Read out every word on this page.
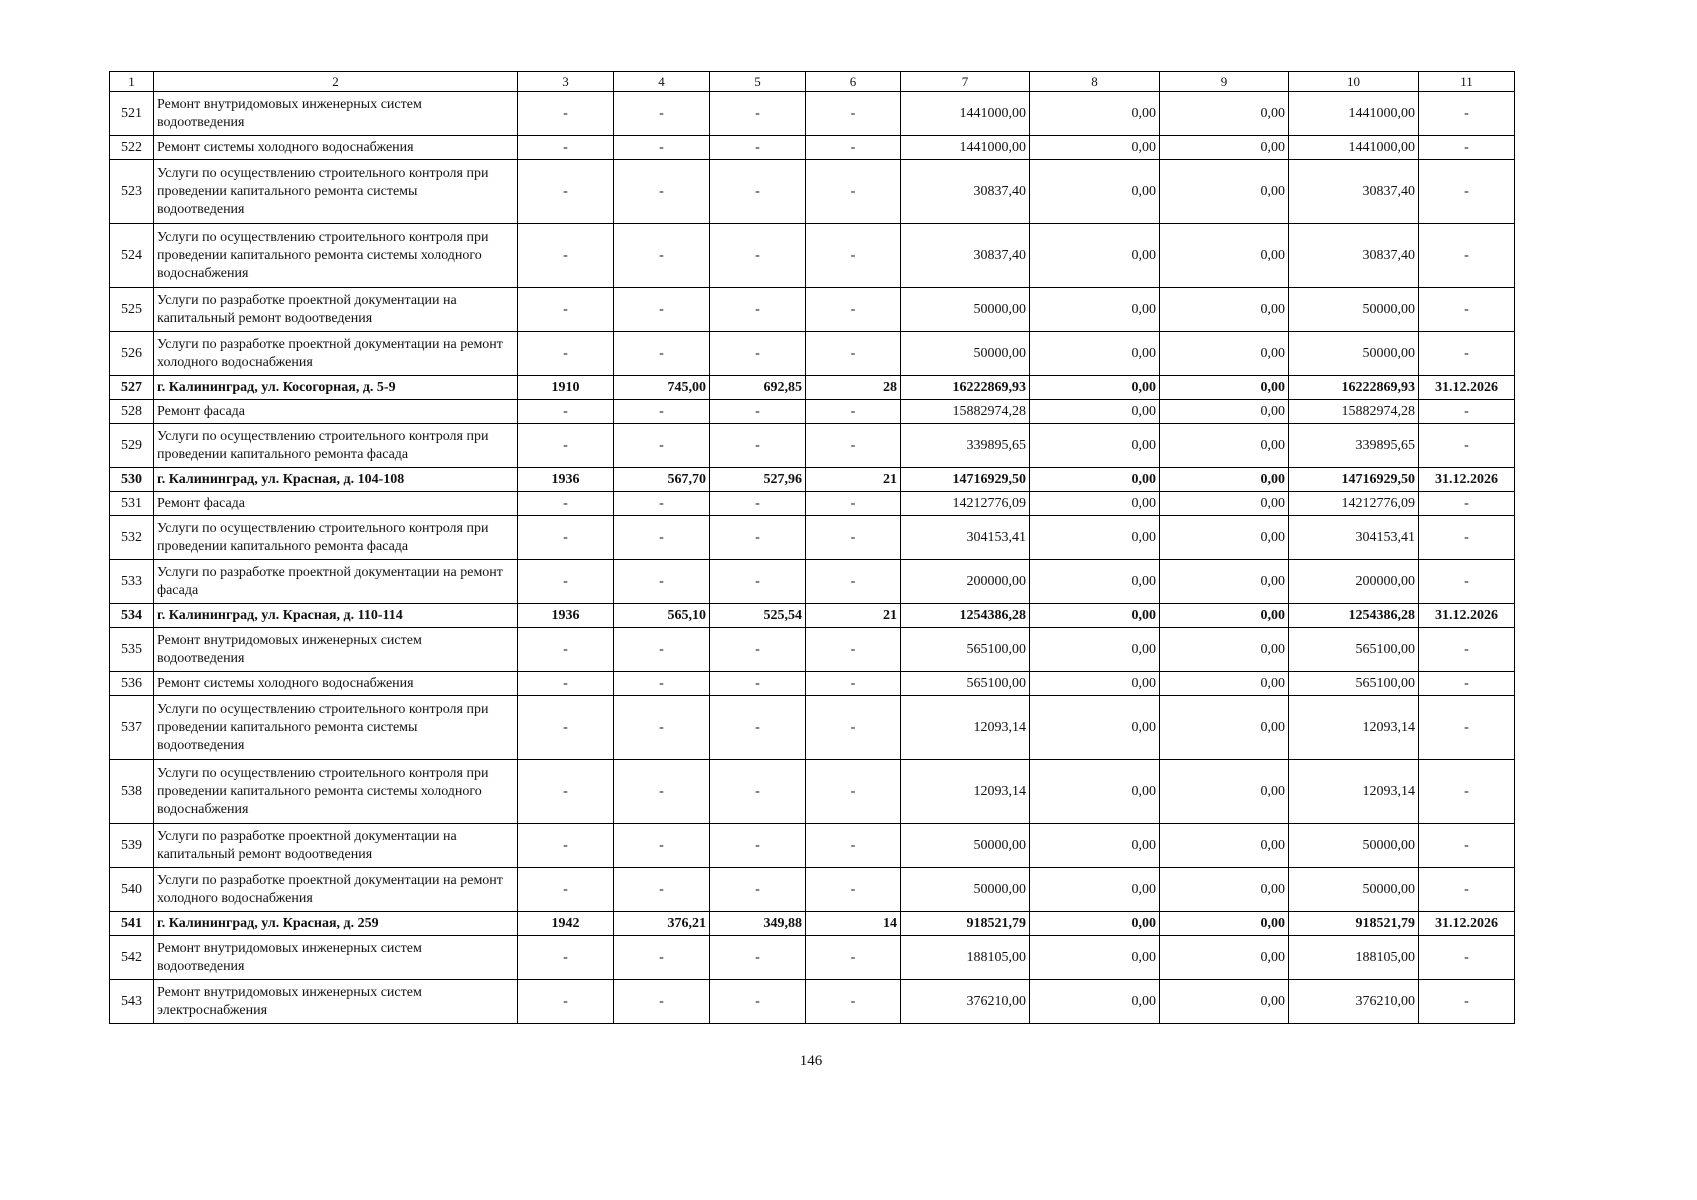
1	2	3	4	5	6	7	8	9	10	11
521	Ремонт внутридомовых инженерных систем
водоотведения	-	-	-	-	1441000,00	0,00	0,00	1441000,00	-
522	Ремонт системы холодного водоснабжения	-	-	-	-	1441000,00	0,00	0,00	1441000,00	-
523	Услуги по осуществлению строительного контроля при
проведении капитального ремонта системы
водоотведения	-	-	-	-	30837,40	0,00	0,00	30837,40	-
524	Услуги по осуществлению строительного контроля при
проведении капитального ремонта системы холодного
водоснабжения	-	-	-	-	30837,40	0,00	0,00	30837,40	-
525	Услуги по разработке проектной документации на
капитальный ремонт водоотведения	-	-	-	-	50000,00	0,00	0,00	50000,00	-
526	Услуги по разработке проектной документации на ремонт
холодного водоснабжения	-	-	-	-	50000,00	0,00	0,00	50000,00	-
527	г. Калининград, ул. Косогорная, д. 5-9	1910	745,00	692,85	28	16222869,93	0,00	0,00	16222869,93	31.12.2026
528	Ремонт фасада	-	-	-	-	15882974,28	0,00	0,00	15882974,28	-
529	Услуги по осуществлению строительного контроля при
проведении капитального ремонта фасада	-	-	-	-	339895,65	0,00	0,00	339895,65	-
530	г. Калининград, ул. Красная, д. 104-108	1936	567,70	527,96	21	14716929,50	0,00	0,00	14716929,50	31.12.2026
531	Ремонт фасада	-	-	-	-	14212776,09	0,00	0,00	14212776,09	-
532	Услуги по осуществлению строительного контроля при
проведении капитального ремонта фасада	-	-	-	-	304153,41	0,00	0,00	304153,41	-
533	Услуги по разработке проектной документации на ремонт
фасада	-	-	-	-	200000,00	0,00	0,00	200000,00	-
534	г. Калининград, ул. Красная, д. 110-114	1936	565,10	525,54	21	1254386,28	0,00	0,00	1254386,28	31.12.2026
535	Ремонт внутридомовых инженерных систем
водоотведения	-	-	-	-	565100,00	0,00	0,00	565100,00	-
536	Ремонт системы холодного водоснабжения	-	-	-	-	565100,00	0,00	0,00	565100,00	-
537	Услуги по осуществлению строительного контроля при
проведении капитального ремонта системы
водоотведения	-	-	-	-	12093,14	0,00	0,00	12093,14	-
538	Услуги по осуществлению строительного контроля при
проведении капитального ремонта системы холодного
водоснабжения	-	-	-	-	12093,14	0,00	0,00	12093,14	-
539	Услуги по разработке проектной документации на
капитальный ремонт водоотведения	-	-	-	-	50000,00	0,00	0,00	50000,00	-
540	Услуги по разработке проектной документации на ремонт
холодного водоснабжения	-	-	-	-	50000,00	0,00	0,00	50000,00	-
541	г. Калининград, ул. Красная, д. 259	1942	376,21	349,88	14	918521,79	0,00	0,00	918521,79	31.12.2026
542	Ремонт внутридомовых инженерных систем
водоотведения	-	-	-	-	188105,00	0,00	0,00	188105,00	-
543	Ремонт внутридомовых инженерных систем
электроснабжения	-	-	-	-	376210,00	0,00	0,00	376210,00	-
146
